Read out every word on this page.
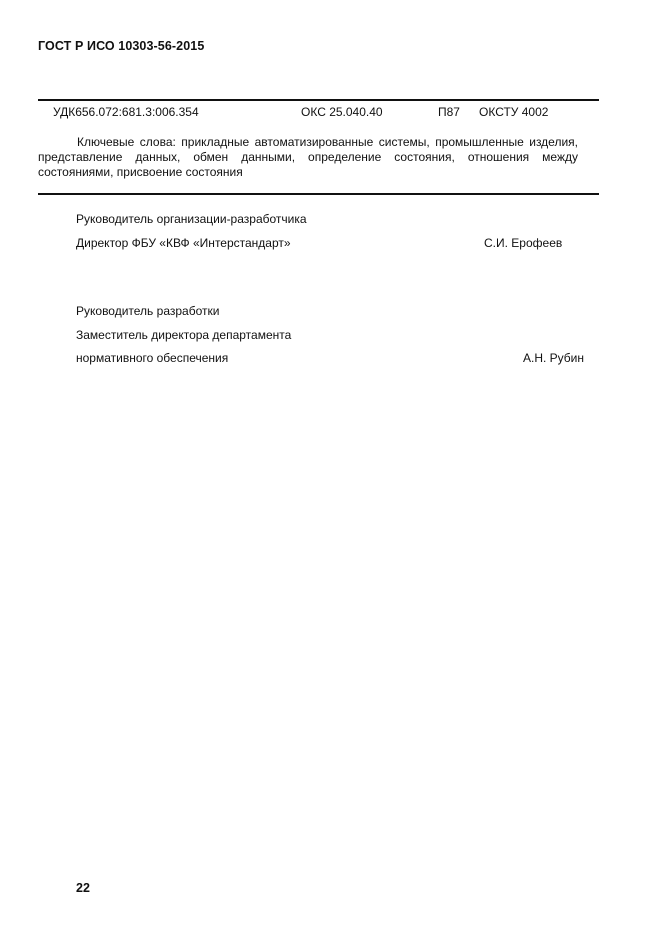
ГОСТ Р ИСО 10303-56-2015
УДК656.072:681.3:006.354	ОКС 25.040.40	П87 ОКСТУ 4002
Ключевые слова: прикладные автоматизированные системы, промышленные изделия, представление данных, обмен данными, определение состояния, отношения между состояниями, присвоение состояния
Руководитель организации-разработчика
Директор ФБУ «КВФ «Интерстандарт»	С.И. Ерофеев
Руководитель разработки
Заместитель директора департамента
нормативного обеспечения	А.Н. Рубин
22
